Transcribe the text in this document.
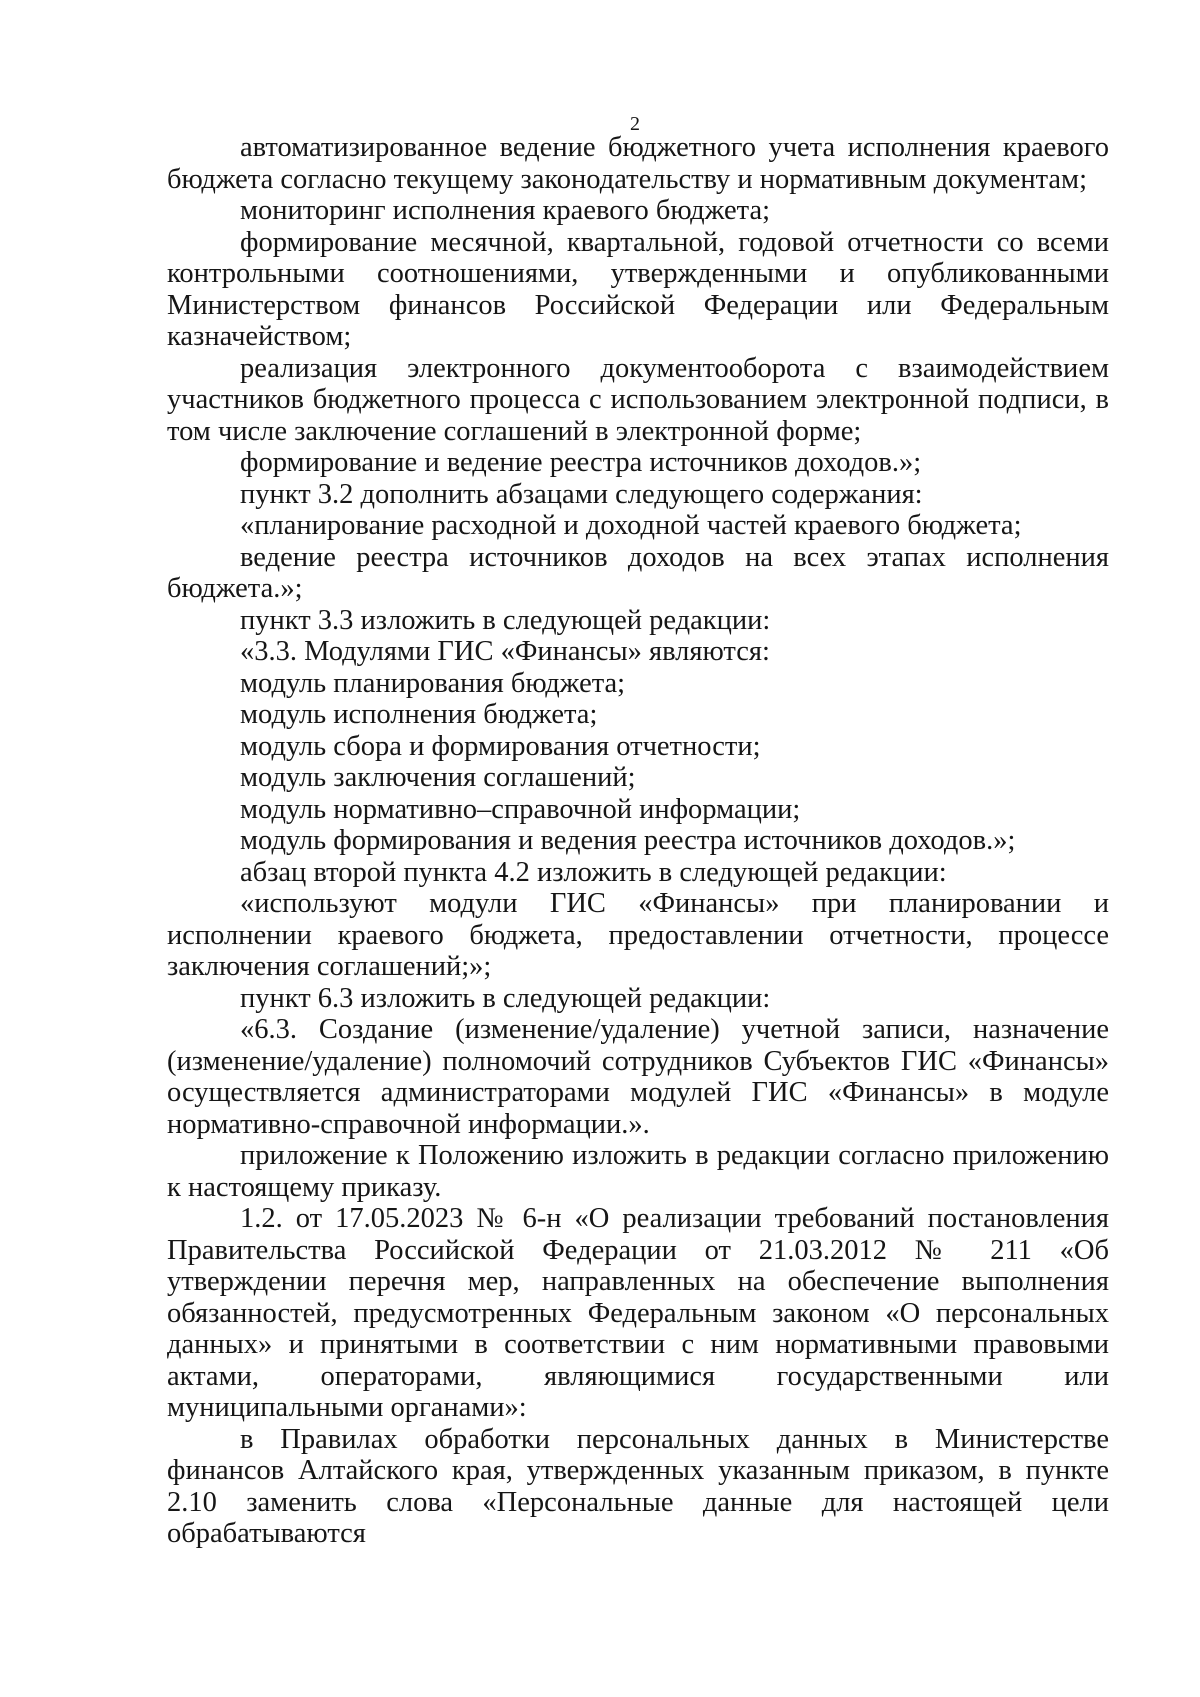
2

автоматизированное ведение бюджетного учета исполнения краевого бюджета согласно текущему законодательству и нормативным документам;

мониторинг исполнения краевого бюджета;

формирование месячной, квартальной, годовой отчетности со всеми контрольными соотношениями, утвержденными и опубликованными Министерством финансов Российской Федерации или Федеральным казначейством;

реализация электронного документооборота с взаимодействием участников бюджетного процесса с использованием электронной подписи, в том числе заключение соглашений в электронной форме;

формирование и ведение реестра источников доходов.»;

пункт 3.2 дополнить абзацами следующего содержания:

«планирование расходной и доходной частей краевого бюджета;

ведение реестра источников доходов на всех этапах исполнения бюджета.»;

пункт 3.3 изложить в следующей редакции:

«3.3. Модулями ГИС «Финансы» являются:

модуль планирования бюджета;

модуль исполнения бюджета;

модуль сбора и формирования отчетности;

модуль заключения соглашений;

модуль нормативно–справочной информации;

модуль формирования и ведения реестра источников доходов.»;

абзац второй пункта 4.2 изложить в следующей редакции:

«используют модули ГИС «Финансы» при планировании и исполнении краевого бюджета, предоставлении отчетности, процессе заключения соглашений;»;

пункт 6.3 изложить в следующей редакции:

«6.3. Создание (изменение/удаление) учетной записи, назначение (изменение/удаление) полномочий сотрудников Субъектов ГИС «Финансы» осуществляется администраторами модулей ГИС «Финансы» в модуле нормативно-справочной информации.».

приложение к Положению изложить в редакции согласно приложению к настоящему приказу.

1.2. от 17.05.2023 № 6-н «О реализации требований постановления Правительства Российской Федерации от 21.03.2012 № 211 «Об утверждении перечня мер, направленных на обеспечение выполнения обязанностей, предусмотренных Федеральным законом «О персональных данных» и принятыми в соответствии с ним нормативными правовыми актами, операторами, являющимися государственными или муниципальными органами»:

в Правилах обработки персональных данных в Министерстве финансов Алтайского края, утвержденных указанным приказом, в пункте 2.10 заменить слова «Персональные данные для настоящей цели обрабатываются
